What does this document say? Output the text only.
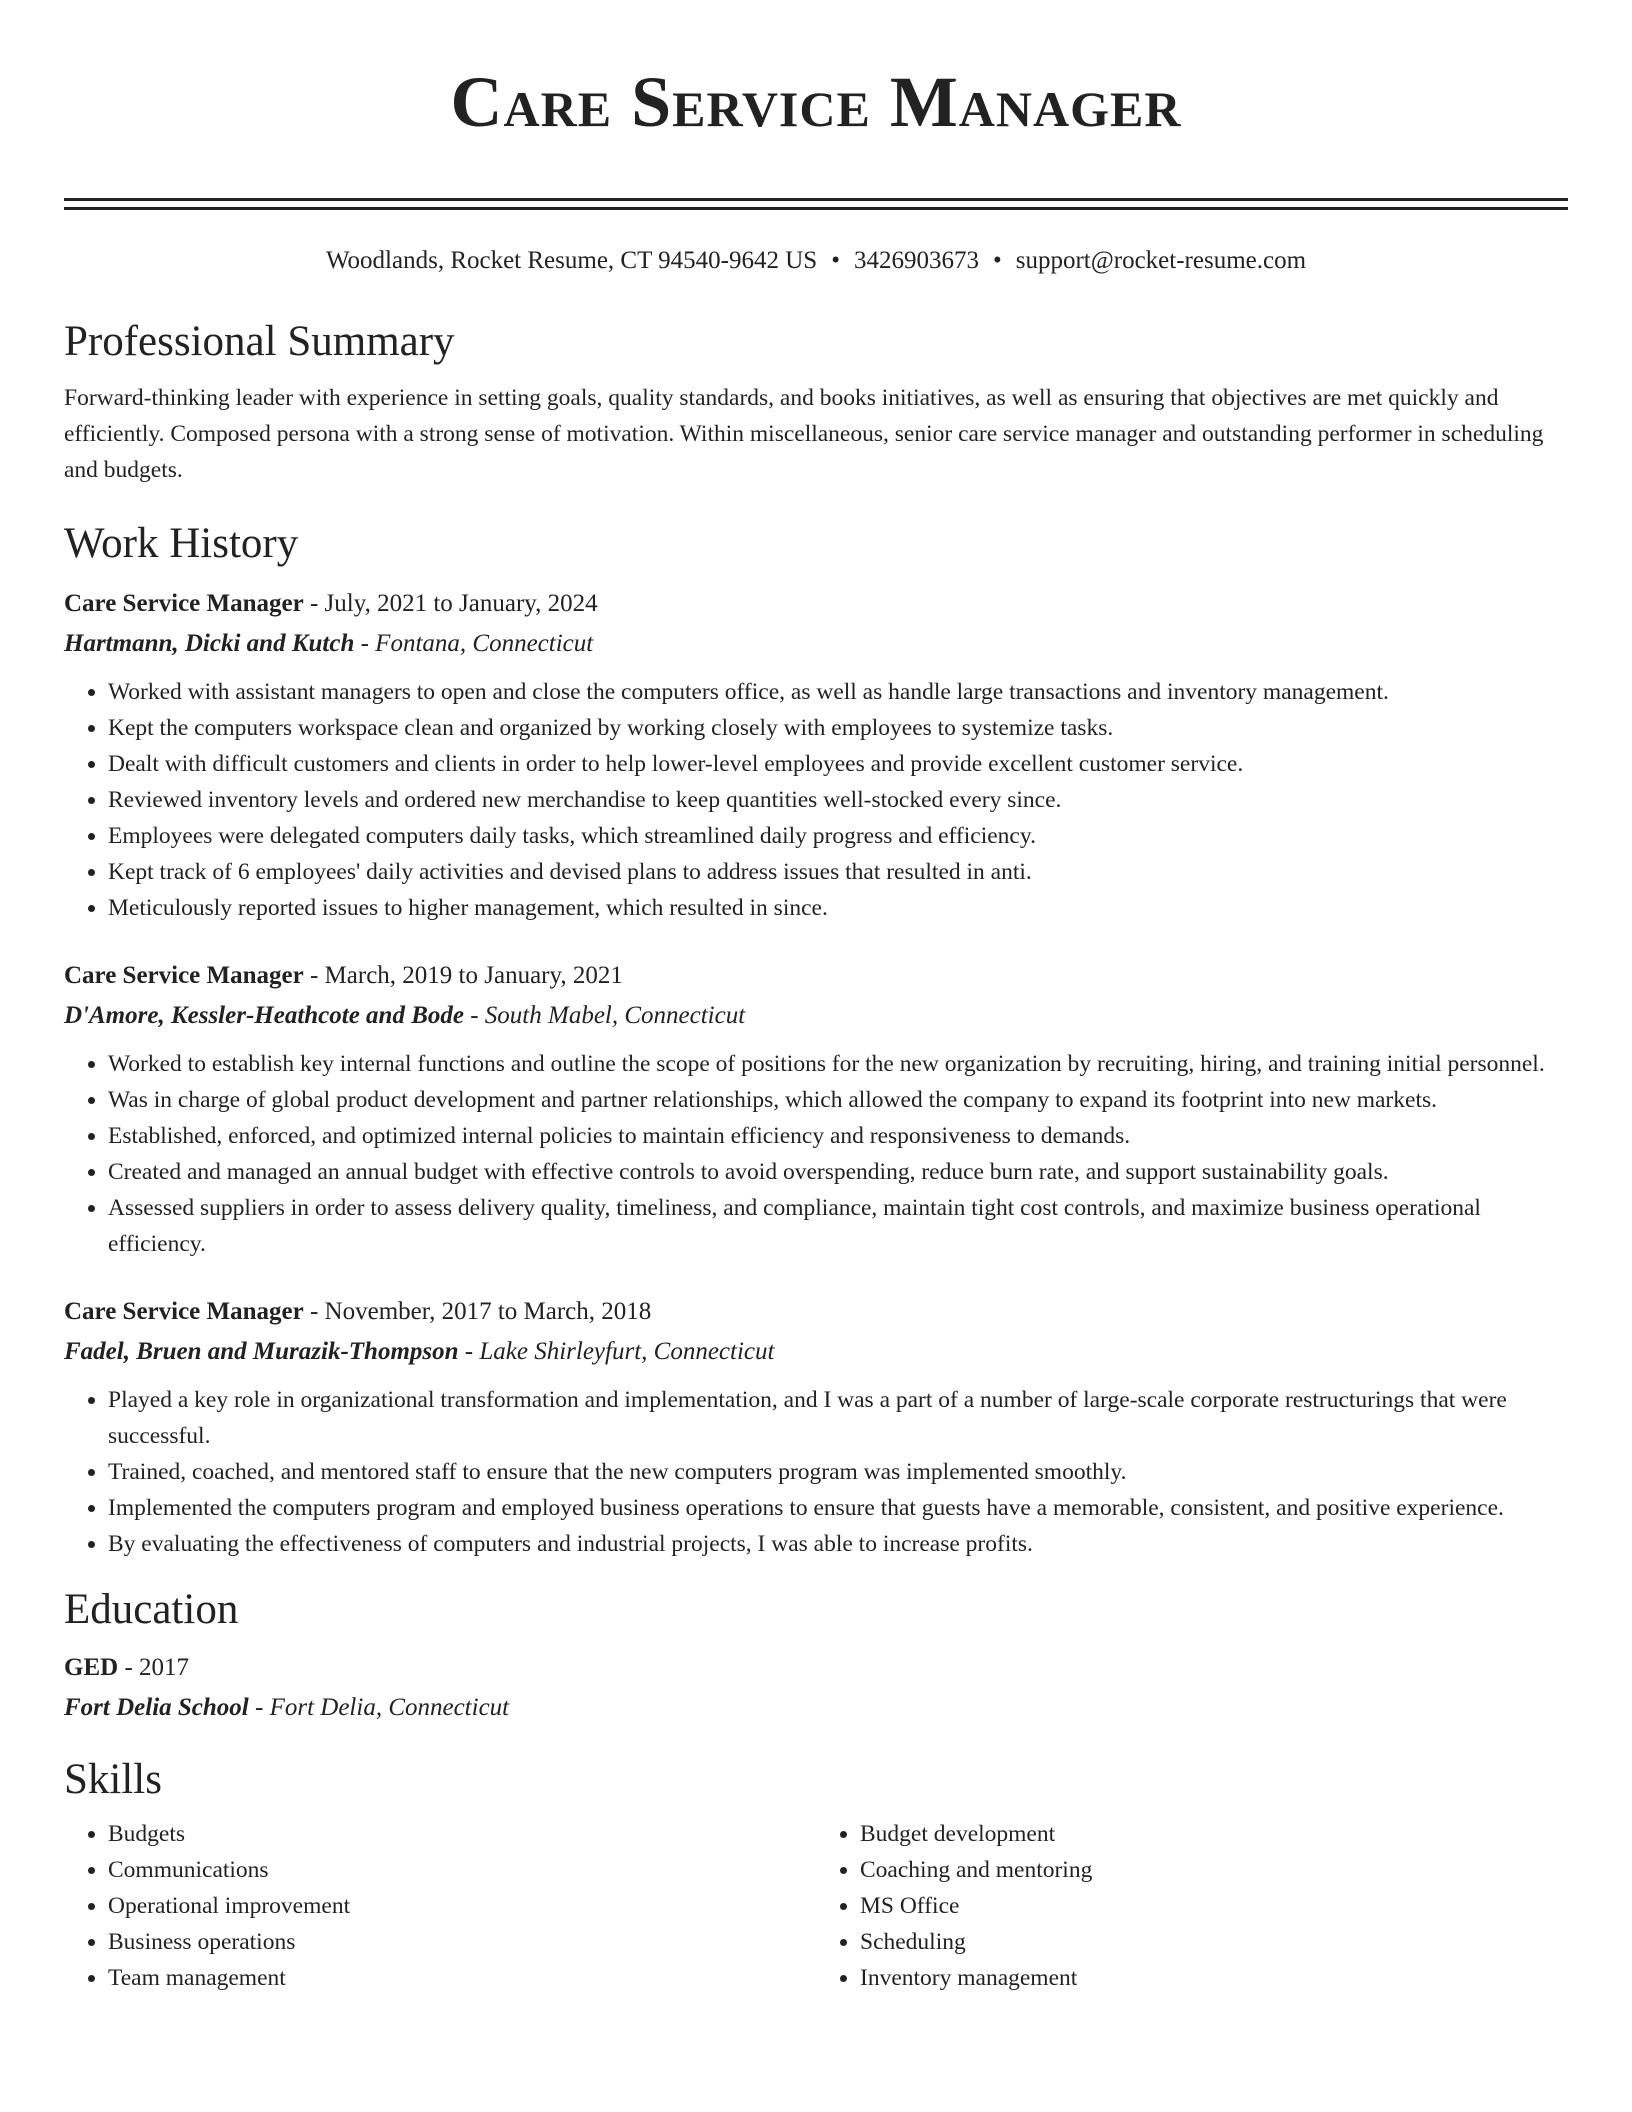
Care Service Manager
Woodlands, Rocket Resume, CT 94540-9642 US • 3426903673 • support@rocket-resume.com
Professional Summary

Forward-thinking leader with experience in setting goals, quality standards, and books initiatives, as well as ensuring that objectives are met quickly and efficiently. Composed persona with a strong sense of motivation. Within miscellaneous, senior care service manager and outstanding performer in scheduling and budgets.

Work History
Care Service Manager - July, 2021 to January, 2024
Hartmann, Dicki and Kutch - Fontana, Connecticut
• Worked with assistant managers to open and close the computers office, as well as handle large transactions and inventory management.
• Kept the computers workspace clean and organized by working closely with employees to systemize tasks.
• Dealt with difficult customers and clients in order to help lower-level employees and provide excellent customer service.
• Reviewed inventory levels and ordered new merchandise to keep quantities well-stocked every since.
• Employees were delegated computers daily tasks, which streamlined daily progress and efficiency.
• Kept track of 6 employees' daily activities and devised plans to address issues that resulted in anti.
• Meticulously reported issues to higher management, which resulted in since.
Care Service Manager - March, 2019 to January, 2021
D'Amore, Kessler-Heathcote and Bode - South Mabel, Connecticut
• Worked to establish key internal functions and outline the scope of positions for the new organization by recruiting, hiring, and training initial personnel.
• Was in charge of global product development and partner relationships, which allowed the company to expand its footprint into new markets.
• Established, enforced, and optimized internal policies to maintain efficiency and responsiveness to demands.
• Created and managed an annual budget with effective controls to avoid overspending, reduce burn rate, and support sustainability goals.
• Assessed suppliers in order to assess delivery quality, timeliness, and compliance, maintain tight cost controls, and maximize business operational efficiency.
Care Service Manager - November, 2017 to March, 2018
Fadel, Bruen and Murazik-Thompson - Lake Shirleyfurt, Connecticut
• Played a key role in organizational transformation and implementation, and I was a part of a number of large-scale corporate restructurings that were successful.
• Trained, coached, and mentored staff to ensure that the new computers program was implemented smoothly.
• Implemented the computers program and employed business operations to ensure that guests have a memorable, consistent, and positive experience.
• By evaluating the effectiveness of computers and industrial projects, I was able to increase profits.
Education
GED - 2017
Fort Delia School - Fort Delia, Connecticut
Skills
• Budgets
• Communications
• Operational improvement
• Business operations
• Team management
• Budget development
• Coaching and mentoring
• MS Office
• Scheduling
• Inventory management
